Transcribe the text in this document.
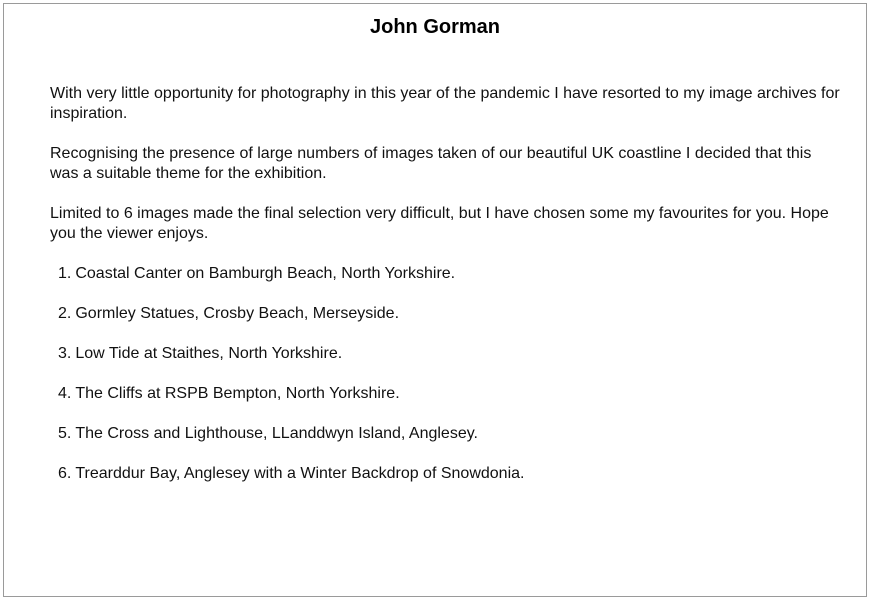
John Gorman

With very little opportunity for photography in this year of the pandemic I have resorted to my image archives for inspiration.

Recognising the presence of large numbers of images taken of our beautiful UK coastline I decided that this was a suitable theme for the exhibition.

Limited to 6 images made the final selection very difficult, but I have chosen some my favourites for you. Hope you the viewer enjoys.

1. Coastal Canter on Bamburgh Beach, North Yorkshire.
2. Gormley Statues, Crosby Beach, Merseyside.
3. Low Tide at Staithes, North Yorkshire.
4. The Cliffs at RSPB Bempton, North Yorkshire.
5. The Cross and Lighthouse, LLanddwyn Island, Anglesey.
6. Trearddur Bay, Anglesey with a Winter Backdrop of Snowdonia.
